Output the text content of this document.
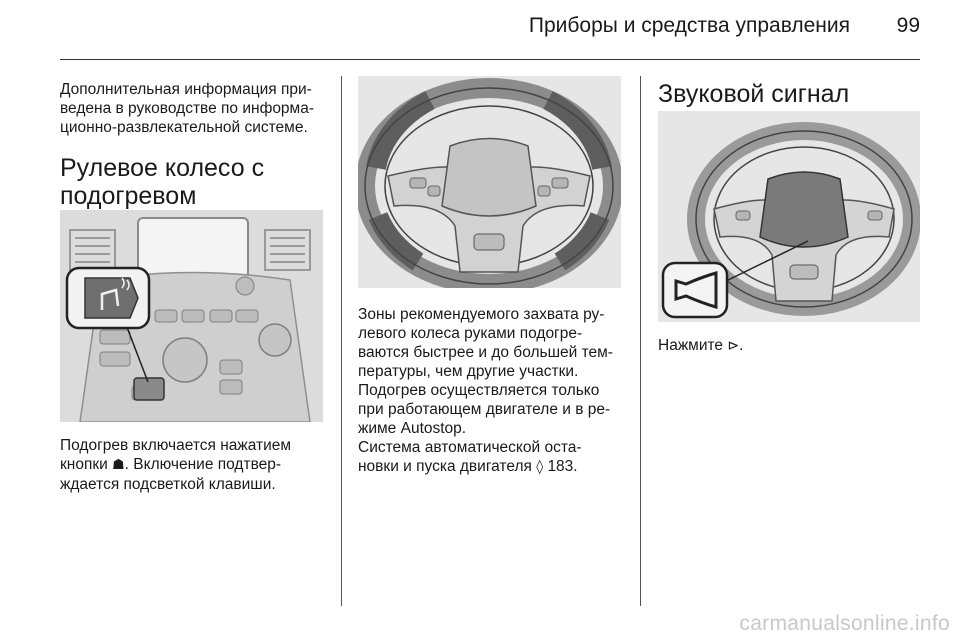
Приборы и средства управления	99

Дополнительная информация при-
ведена в руководстве по информа-
ционно-развлекательной системе.

Рулевое колесо с
подогревом

Подогрев включается нажатием
кнопки ☗. Включение подтвер-
ждается подсветкой клавиши.

Зоны рекомендуемого захвата ру-
левого колеса руками подогре-
ваются быстрее и до большей тем-
пературы, чем другие участки.

Подогрев осуществляется только
при работающем двигателе и в ре-
жиме Autostop.

Система автоматической оста-
новки и пуска двигателя ◊ 183.

Звуковой сигнал

Нажмите ⊳.

carmanualsonline.info
